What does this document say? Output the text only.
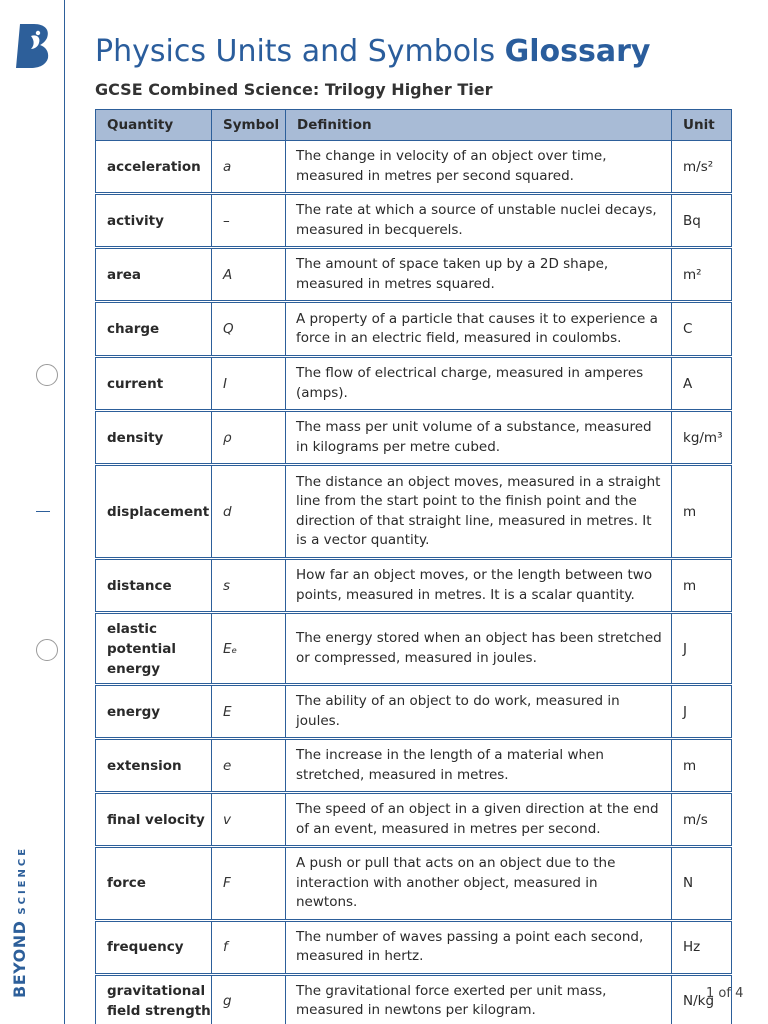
BEYONDSCIENCE
Physics Units and Symbols Glossary
GCSE Combined Science: Trilogy Higher Tier
Quantity	Symbol	Definition	Unit
acceleration	a	The change in velocity of an object over time, measured in metres per second squared.	m/s²

activity	–	The rate at which a source of unstable nuclei decays, measured in becquerels.	Bq

area	A	The amount of space taken up by a 2D shape, measured in metres squared.	m²

charge	Q	A property of a particle that causes it to experience a force in an electric field, measured in coulombs.	C

current	I	The flow of electrical charge, measured in amperes (amps).	A

density	ρ	The mass per unit volume of a substance, measured in kilograms per metre cubed.	kg/m³

displacement	d	The distance an object moves, measured in a straight line from the start point to the finish point and the direction of that straight line, measured in metres. It is a vector quantity.	m

distance	s	How far an object moves, or the length between two points, measured in metres. It is a scalar quantity.	m

elastic potential energy	Eₑ	The energy stored when an object has been stretched or compressed, measured in joules.	J

energy	E	The ability of an object to do work, measured in joules.	J

extension	e	The increase in the length of a material when stretched, measured in metres.	m

final velocity	v	The speed of an object in a given direction at the end of an event, measured in metres per second.	m/s

force	F	A push or pull that acts on an object due to the interaction with another object, measured in newtons.	N

frequency	f	The number of waves passing a point each second, measured in hertz.	Hz

gravitational field strength	g	The gravitational force exerted per unit mass, measured in newtons per kilogram.	N/kg
1 of 4
